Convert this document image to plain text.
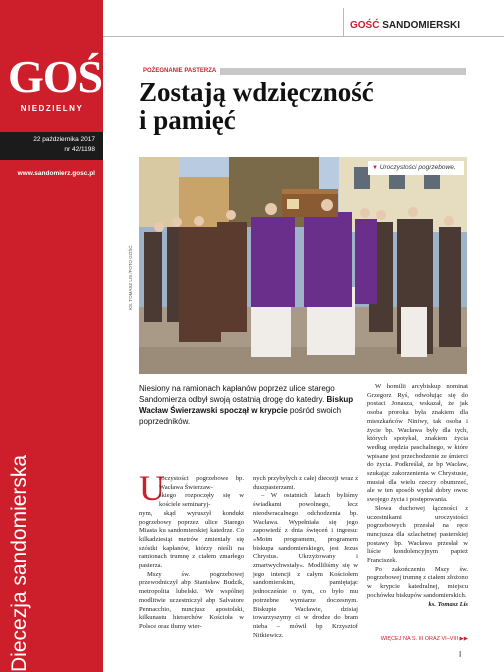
GOŚĆ
NIEDZIELNY
22 października 2017
nr 42/1198
www.sandomierz.gosc.pl
Diecezja sandomierska
GOŚĆ SANDOMIERSKI
POŻEGNANIE PASTERZA
Zostają wdzięczność
i pamięć
KS. TOMASZ LIS /FOTO GOŚĆ
▼ Uroczystości pogrzebowe.
Niesiony na ramionach kapłanów poprzez ulice starego Sandomierza odbył swoją ostatnią drogę do katedry. Biskup Wacław Świerzawski spoczął w krypcie pośród swoich poprzedników.
U
roczystości pogrzebowe bp. Wacława Świerzaw-
skiego rozpoczęły się w kościele seminaryj-
nym, skąd wyruszył kondukt pogrzebowy poprzez ulice Starego Miasta ku sandomierskiej katedrze. Co kilkadziesiąt metrów zmieniały się szóstki kapłanów, którzy nieśli na ramionach trumnę z ciałem zmarłego pasterza.
Mszy św. pogrzebowej przewodniczył abp Stanisław Budzik, metropolita lubelski. We wspólnej modlitwie uczestniczył abp Salvatore Pennacchio, nuncjusz apostolski, kilkunastu hierarchów Kościoła w Polsce oraz tłumy wier-
nych przybyłych z całej diecezji wraz z duszpasterzami.
– W ostatnich latach byliśmy świadkami powolnego, lecz nieodwracalnego odchodzenia bp. Wacława. Wypełniała się jego zapowiedź z dnia święceń i ingresu: »Moim programem, programem biskupa sandomierskiego, jest Jezus Chrystus. Ukrzyżowany i zmartwychwstały«. Modliliśmy się w jego intencji z całym Kościołem sandomierskim, pamiętając jednocześnie o tym, co było mu potrzebne wymiarze doczesnym. Biskupie Wacławie, dzisiaj towarzyszymy ci w drodze do bram nieba – mówił bp Krzysztof Nitkiewicz.
W homilii arcybiskup nominat Grzegorz Ryś, odwołując się do postaci Jonasza, wskazał, że jak osoba proroka była znakiem dla mieszkańców Niniwy, tak osoba i życie bp. Wacława były dla tych, których spotykał, znakiem życia według orędzia paschalnego, w które wpisane jest przechodzenie ze śmierci do życia. Podkreślał, że bp Wacław, szukając zakorzenienia w Chrystusie, musiał dla wielu rzeczy obumrzeć, ale w ten sposób wydał dobry owoc swojego życia i postępowania.
Słowa duchowej łączności z uczestnikami uroczystości pogrzebowych przesłał na ręce nuncjusza dla szlachetnej pasterskiej postawy bp. Wacława przesłał w liście kondolencyjnym papież Franciszek.
Po zakończeniu Mszy św. pogrzebowej trumnę z ciałem złożono w krypcie katedralnej, miejscu pochówku biskupów sandomierskich.
ks. Tomasz Lis
WIĘCEJ NA S. III ORAZ VI–VIII ▶▶
I
